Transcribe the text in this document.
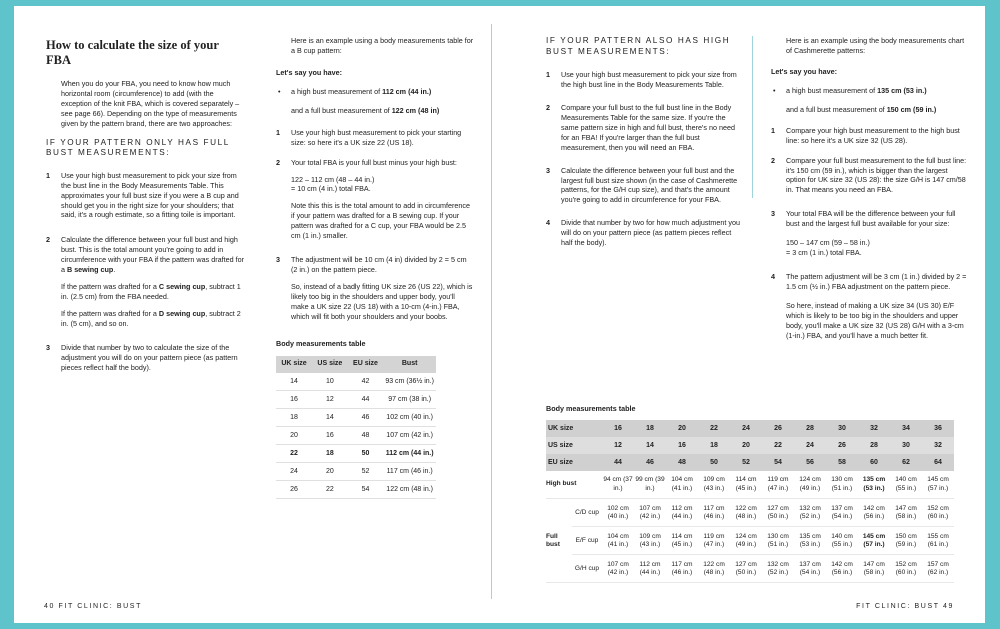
How to calculate the size of your FBA
When you do your FBA, you need to know how much horizontal room (circumference) to add (with the exception of the knit FBA, which is covered separately – see page 66). Depending on the type of measurements given by the pattern brand, there are two approaches:
IF YOUR PATTERN ONLY HAS FULL BUST MEASUREMENTS:
1 Use your high bust measurement to pick your size from the bust line in the Body Measurements Table. This approximates your full bust size if you were a B cup and should get you in the right size for your shoulders; that said, it's a rough estimate, so a fitting toile is important.
2 Calculate the difference between your full bust and high bust. This is the total amount you're going to add in circumference with your FBA if the pattern was drafted for a B sewing cup.
If the pattern was drafted for a C sewing cup, subtract 1 in. (2.5 cm) from the FBA needed.
If the pattern was drafted for a D sewing cup, subtract 2 in. (5 cm), and so on.
3 Divide that number by two to calculate the size of the adjustment you will do on your pattern piece (as pattern pieces reflect half the body).
Here is an example using a body measurements table for a B cup pattern:
Let's say you have:
• a high bust measurement of 112 cm (44 in.)
and a full bust measurement of 122 cm (48 in)
1 Use your high bust measurement to pick your starting size: so here it's a UK size 22 (US 18).
2 Your total FBA is your full bust minus your high bust:
122 – 112 cm (48 – 44 in.)
= 10 cm (4 in.) total FBA.
Note this this is the total amount to add in circumference if your pattern was drafted for a B sewing cup. If your pattern was drafted for a C cup, your FBA would be 2.5 cm (1 in.) smaller.
3 The adjustment will be 10 cm (4 in) divided by 2 = 5 cm (2 in.) on the pattern piece.
So, instead of a badly fitting UK size 26 (US 22), which is likely too big in the shoulders and upper body, you'll make a UK size 22 (US 18) with a 10-cm (4-in.) FBA, which will fit both your shoulders and your boobs.
Body measurements table
UK size	US size	EU size	Bust
14	10	42	93 cm (36½ in.)
16	12	44	97 cm (38 in.)
18	14	46	102 cm (40 in.)
20	16	48	107 cm (42 in.)
22	18	50	112 cm (44 in.)
24	20	52	117 cm (46 in.)
26	22	54	122 cm (48 in.)
IF YOUR PATTERN ALSO HAS HIGH BUST MEASUREMENTS:
1 Use your high bust measurement to pick your size from the high bust line in the Body Measurements Table.
2 Compare your full bust to the full bust line in the Body Measurements Table for the same size. If you're the same pattern size in high and full bust, there's no need for an FBA! If you're larger than the full bust measurement, then you will need an FBA.
3 Calculate the difference between your full bust and the largest full bust size shown (in the case of Cashmerette patterns, for the G/H cup size), and that's the amount you're going to add in circumference for your FBA.
4 Divide that number by two for how much adjustment you will do on your pattern piece (as pattern pieces reflect half the body).
Here is an example using the body measurements chart of Cashmerette patterns:
Let's say you have:
• a high bust measurement of 135 cm (53 in.)
and a full bust measurement of 150 cm (59 in.)
1 Compare your high bust measurement to the high bust line: so here it's a UK size 32 (US 28).
2 Compare your full bust measurement to the full bust line: it's 150 cm (59 in.), which is bigger than the largest option for UK size 32 (US 28): the size G/H is 147 cm/58 in. That means you need an FBA.
3 Your total FBA will be the difference between your full bust and the largest full bust available for your size:
150 – 147 cm (59 – 58 in.)
= 3 cm (1 in.) total FBA.
4 The pattern adjustment will be 3 cm (1 in.) divided by 2 = 1.5 cm (½ in.) FBA adjustment on the pattern piece.
So here, instead of making a UK size 34 (US 30) E/F which is likely to be too big in the shoulders and upper body, you'll make a UK size 32 (US 28) G/H with a 3-cm (1-in.) FBA, and you'll have a much better fit.
Body measurements table
UK size		16	18	20	22	24	26	28	30	32	34	36
US size		12	14	16	18	20	22	24	26	28	30	32
EU size		44	46	48	50	52	54	56	58	60	62	64
High bust		94 cm (37 in.)	99 cm (39 in.)	104 cm (41 in.)	109 cm (43 in.)	114 cm (45 in.)	119 cm (47 in.)	124 cm (49 in.)	130 cm (51 in.)	135 cm (53 in.)	140 cm (55 in.)	145 cm (57 in.)
Full bust	C/D cup	102 cm (40 in.)	107 cm (42 in.)	112 cm (44 in.)	117 cm (46 in.)	122 cm (48 in.)	127 cm (50 in.)	132 cm (52 in.)	137 cm (54 in.)	142 cm (56 in.)	147 cm (58 in.)	152 cm (60 in.)
	E/F cup	104 cm (41 in.)	109 cm (43 in.)	114 cm (45 in.)	119 cm (47 in.)	124 cm (49 in.)	130 cm (51 in.)	135 cm (53 in.)	140 cm (55 in.)	145 cm (57 in.)	150 cm (59 in.)	155 cm (61 in.)
	G/H cup	107 cm (42 in.)	112 cm (44 in.)	117 cm (46 in.)	122 cm (48 in.)	127 cm (50 in.)	132 cm (52 in.)	137 cm (54 in.)	142 cm (56 in.)	147 cm (58 in.)	152 cm (60 in.)	157 cm (62 in.)
40 FIT CLINIC: BUST	FIT CLINIC: BUST 49
